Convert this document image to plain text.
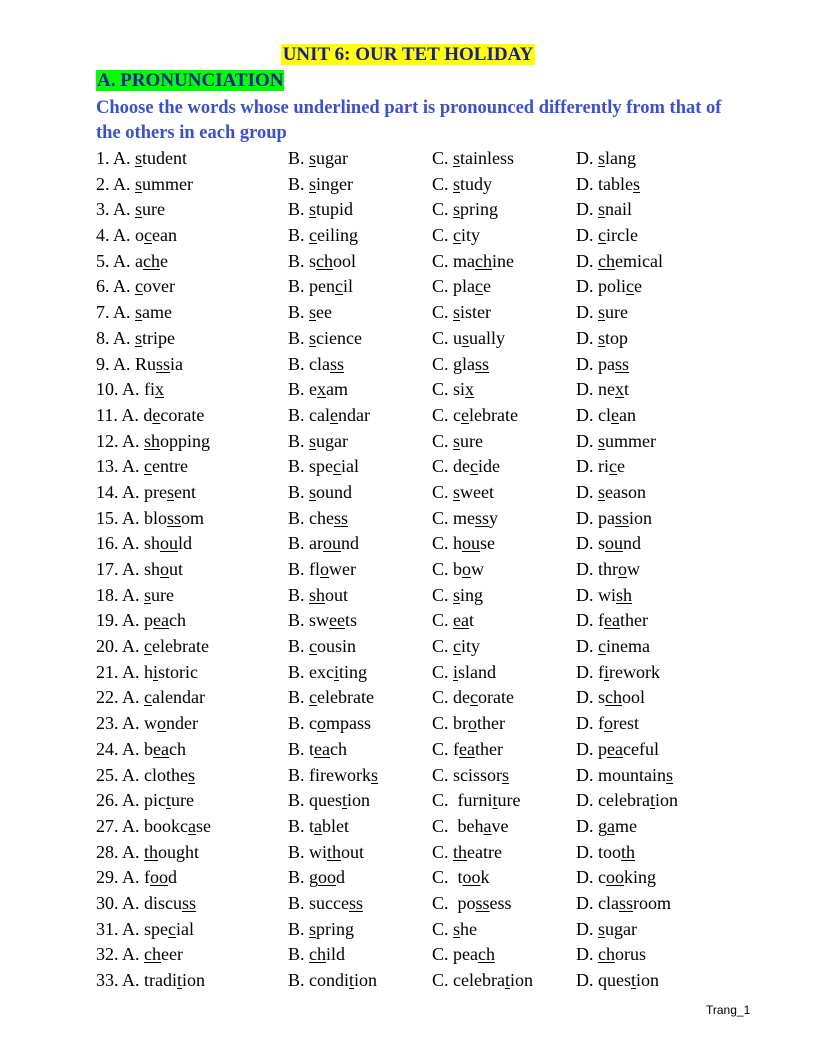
UNIT 6: OUR TET HOLIDAY
A. PRONUNCIATION
Choose the words whose underlined part is pronounced differently from that of the others in each group
1. A. student	B. sugar	C. stainless	D. slang
2. A. summer	B. singer	C. study	D. tables
3. A. sure	B. stupid	C. spring	D. snail
4. A. ocean	B. ceiling	C. city	D. circle
5. A. ache	B. school	C. machine	D. chemical
6. A. cover	B. pencil	C. place	D. police
7. A. same	B. see	C. sister	D. sure
8. A. stripe	B. science	C. usually	D. stop
9. A. Russia	B. class	C. glass	D. pass
10. A. fix	B. exam	C. six	D. next
11. A. decorate	B. calendar	C. celebrate	D. clean
12. A. shopping	B. sugar	C. sure	D. summer
13. A. centre	B. special	C. decide	D. rice
14. A. present	B. sound	C. sweet	D. season
15. A. blossom	B. chess	C. messy	D. passion
16. A. should	B. around	C. house	D. sound
17. A. shout	B. flower	C. bow	D. throw
18. A. sure	B. shout	C. sing	D. wish
19. A. peach	B. sweets	C. eat	D. feather
20. A. celebrate	B. cousin	C. city	D. cinema
21. A. historic	B. exciting	C. island	D. firework
22. A. calendar	B. celebrate	C. decorate	D. school
23. A. wonder	B. compass	C. brother	D. forest
24. A. beach	B. teach	C. feather	D. peaceful
25. A. clothes	B. fireworks	C. scissors	D. mountains
26. A. picture	B. question	C.  furniture	D. celebration
27. A. bookcase	B. tablet	C.  behave	D. game
28. A. thought	B. without	C. theatre	D. tooth
29. A. food	B. good	C.  took	D. cooking
30. A. discuss	B. success	C.  possess	D. classroom
31. A. special	B. spring	C. she	D. sugar
32. A. cheer	B. child	C. peach	D. chorus
33. A. tradition	B. condition	C. celebration D. question
Trang_1
